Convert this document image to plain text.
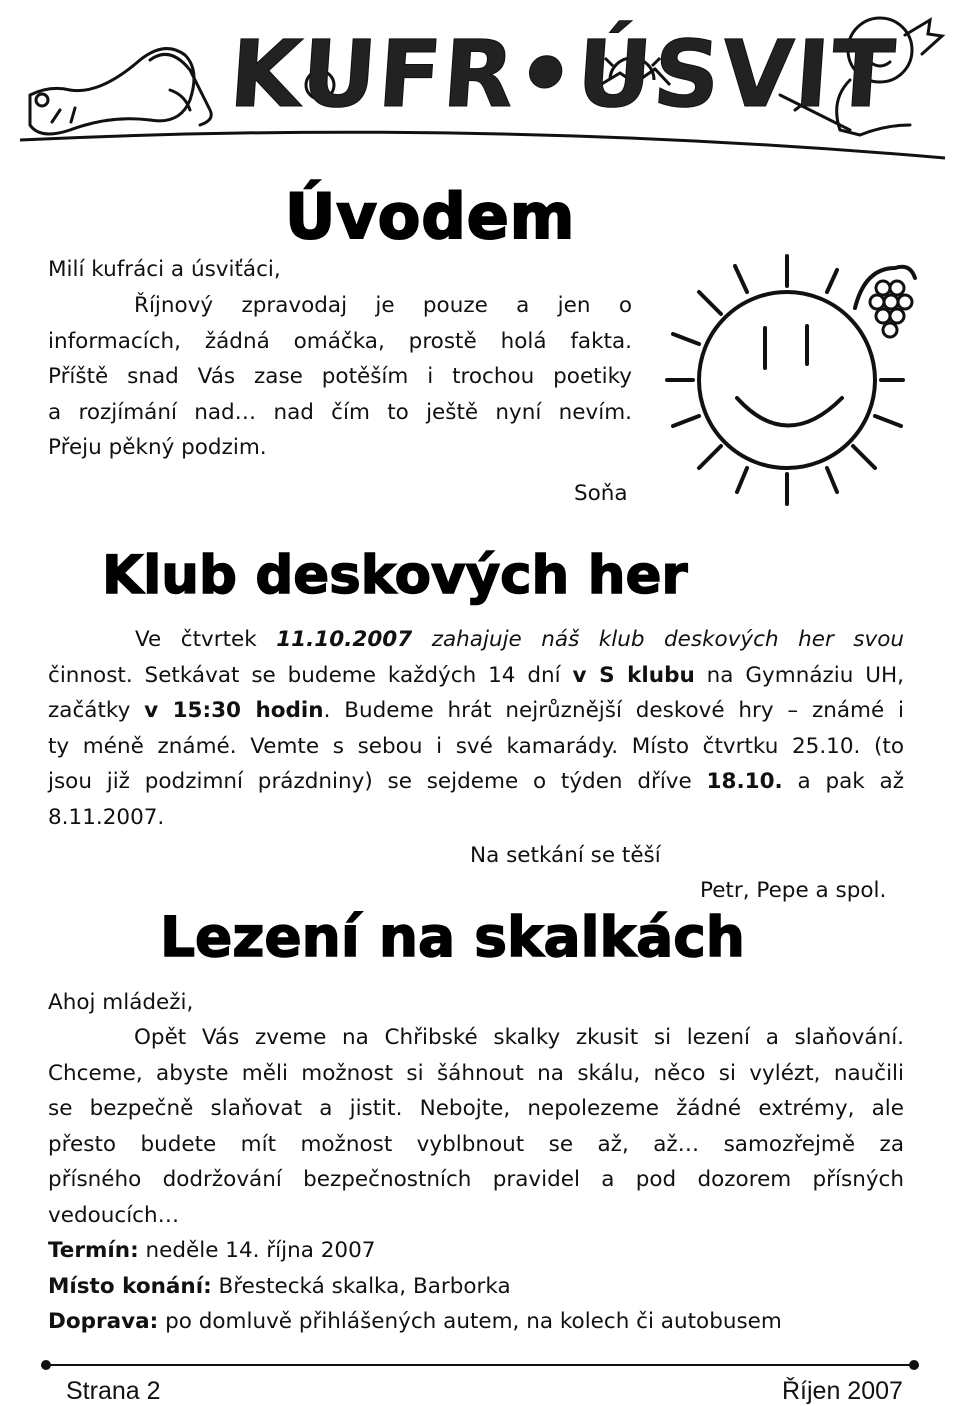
KUFR•ÚSVIT
Úvodem
Milí kufráci a úsviťáci,
Říjnový zpravodaj je pouze a jen o
informacích, žádná omáčka, prostě holá fakta.
Příště snad Vás zase potěším i trochou poetiky
a rozjímání nad… nad čím to ještě nyní nevím.
Přeju pěkný podzim.
Soňa
Klub deskových her
Ve čtvrtek 11.10.2007 zahajuje náš klub deskových her svou
činnost. Setkávat se budeme každých 14 dní v S klubu na Gymnáziu UH,
začátky v 15:30 hodin. Budeme hrát nejrůznější deskové hry – známé i
ty méně známé. Vemte s sebou i své kamarády. Místo čtvrtku 25.10. (to
jsou již podzimní prázdniny) se sejdeme o týden dříve 18.10. a pak až
8.11.2007.
Na setkání se těší
Petr, Pepe a spol.
Lezení na skalkách
Ahoj mládeži,
Opět Vás zveme na Chřibské skalky zkusit si lezení a slaňování.
Chceme, abyste měli možnost si šáhnout na skálu, něco si vylézt, naučili
se bezpečně slaňovat a jistit. Nebojte, nepolezeme žádné extrémy, ale
přesto budete mít možnost vyblbnout se až, až… samozřejmě za
přísného dodržování bezpečnostních pravidel a pod dozorem přísných
vedoucích…
Termín: neděle 14. října 2007
Místo konání: Břestecká skalka, Barborka
Doprava: po domluvě přihlášených autem, na kolech či autobusem
Strana 2	Říjen 2007
